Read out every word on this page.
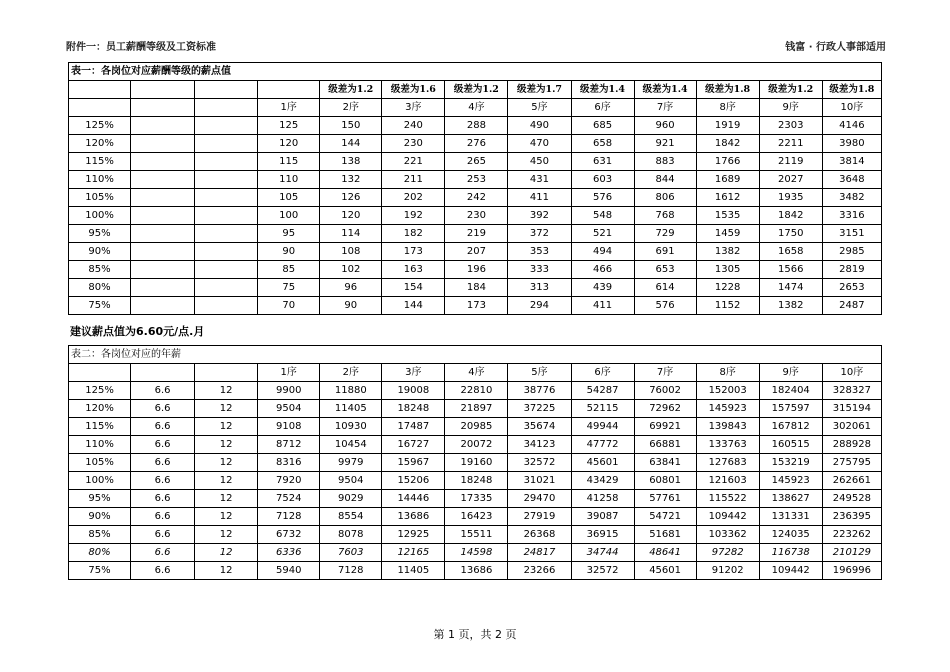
附件一：员工薪酬等级及工资标准	钱富 · 行政人事部适用
表一：各岗位对应薪酬等级的薪点值												
				级差为1.2	级差为1.6	级差为1.2	级差为1.7	级差为1.4	级差为1.4	级差为1.8	级差为1.2	级差为1.8
			1序	2序	3序	4序	5序	6序	7序	8序	9序	10序
125%			125	150	240	288	490	685	960	1919	2303	4146
120%			120	144	230	276	470	658	921	1842	2211	3980
115%			115	138	221	265	450	631	883	1766	2119	3814
110%			110	132	211	253	431	603	844	1689	2027	3648
105%			105	126	202	242	411	576	806	1612	1935	3482
100%			100	120	192	230	392	548	768	1535	1842	3316
95%			95	114	182	219	372	521	729	1459	1750	3151
90%			90	108	173	207	353	494	691	1382	1658	2985
85%			85	102	163	196	333	466	653	1305	1566	2819
80%			75	96	154	184	313	439	614	1228	1474	2653
75%			70	90	144	173	294	411	576	1152	1382	2487
建议薪点值为6.60元/点.月
表二：各岗位对应的年薪												
			1序	2序	3序	4序	5序	6序	7序	8序	9序	10序
125%	6.6	12	9900	11880	19008	22810	38776	54287	76002	152003	182404	328327
120%	6.6	12	9504	11405	18248	21897	37225	52115	72962	145923	157597	315194
115%	6.6	12	9108	10930	17487	20985	35674	49944	69921	139843	167812	302061
110%	6.6	12	8712	10454	16727	20072	34123	47772	66881	133763	160515	288928
105%	6.6	12	8316	9979	15967	19160	32572	45601	63841	127683	153219	275795
100%	6.6	12	7920	9504	15206	18248	31021	43429	60801	121603	145923	262661
95%	6.6	12	7524	9029	14446	17335	29470	41258	57761	115522	138627	249528
90%	6.6	12	7128	8554	13686	16423	27919	39087	54721	109442	131331	236395
85%	6.6	12	6732	8078	12925	15511	26368	36915	51681	103362	124035	223262
80%	6.6	12	6336	7603	12165	14598	24817	34744	48641	97282	116738	210129
75%	6.6	12	5940	7128	11405	13686	23266	32572	45601	91202	109442	196996
第 1 页，共 2 页
